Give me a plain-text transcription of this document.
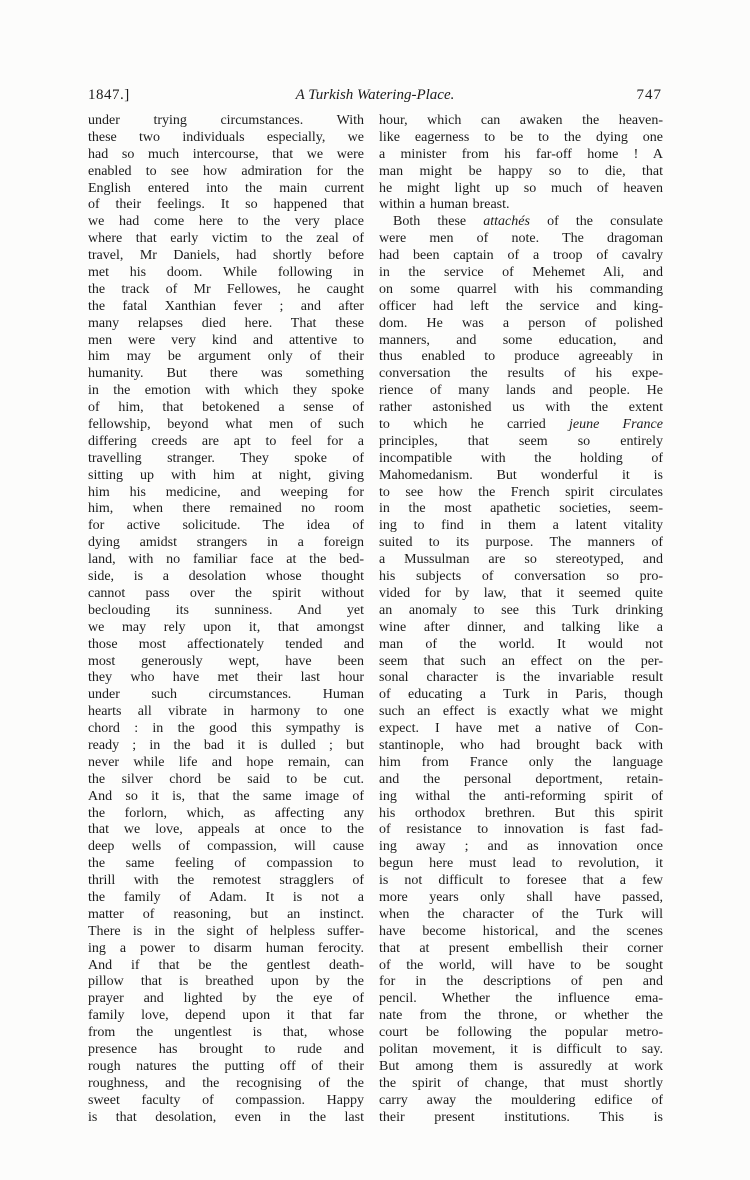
1847.]	A Turkish Watering-Place.	747
under trying circumstances. With
these two individuals especially, we
had so much intercourse, that we were
enabled to see how admiration for the
English entered into the main current
of their feelings. It so happened that
we had come here to the very place
where that early victim to the zeal of
travel, Mr Daniels, had shortly before
met his doom. While following in
the track of Mr Fellowes, he caught
the fatal Xanthian fever ; and after
many relapses died here. That these
men were very kind and attentive to
him may be argument only of their
humanity. But there was something
in the emotion with which they spoke
of him, that betokened a sense of
fellowship, beyond what men of such
differing creeds are apt to feel for a
travelling stranger. They spoke of
sitting up with him at night, giving
him his medicine, and weeping for
him, when there remained no room
for active solicitude. The idea of
dying amidst strangers in a foreign
land, with no familiar face at the bed-
side, is a desolation whose thought
cannot pass over the spirit without
beclouding its sunniness. And yet
we may rely upon it, that amongst
those most affectionately tended and
most generously wept, have been
they who have met their last hour
under such circumstances. Human
hearts all vibrate in harmony to one
chord : in the good this sympathy is
ready ; in the bad it is dulled ; but
never while life and hope remain, can
the silver chord be said to be cut.
And so it is, that the same image of
the forlorn, which, as affecting any
that we love, appeals at once to the
deep wells of compassion, will cause
the same feeling of compassion to
thrill with the remotest stragglers of
the family of Adam. It is not a
matter of reasoning, but an instinct.
There is in the sight of helpless suffer-
ing a power to disarm human ferocity.
And if that be the gentlest death-
pillow that is breathed upon by the
prayer and lighted by the eye of
family love, depend upon it that far
from the ungentlest is that, whose
presence has brought to rude and
rough natures the putting off of their
roughness, and the recognising of the
sweet faculty of compassion. Happy
is that desolation, even in the last
hour, which can awaken the heaven-
like eagerness to be to the dying one
a minister from his far-off home ! A
man might be happy so to die, that
he might light up so much of heaven
within a human breast.
Both these attachés of the consulate
were men of note. The dragoman
had been captain of a troop of cavalry
in the service of Mehemet Ali, and
on some quarrel with his commanding
officer had left the service and king-
dom. He was a person of polished
manners, and some education, and
thus enabled to produce agreeably in
conversation the results of his expe-
rience of many lands and people. He
rather astonished us with the extent
to which he carried jeune France
principles, that seem so entirely
incompatible with the holding of
Mahomedanism. But wonderful it is
to see how the French spirit circulates
in the most apathetic societies, seem-
ing to find in them a latent vitality
suited to its purpose. The manners of
a Mussulman are so stereotyped, and
his subjects of conversation so pro-
vided for by law, that it seemed quite
an anomaly to see this Turk drinking
wine after dinner, and talking like a
man of the world. It would not
seem that such an effect on the per-
sonal character is the invariable result
of educating a Turk in Paris, though
such an effect is exactly what we might
expect. I have met a native of Con-
stantinople, who had brought back with
him from France only the language
and the personal deportment, retain-
ing withal the anti-reforming spirit of
his orthodox brethren. But this spirit
of resistance to innovation is fast fad-
ing away ; and as innovation once
begun here must lead to revolution, it
is not difficult to foresee that a few
more years only shall have passed,
when the character of the Turk will
have become historical, and the scenes
that at present embellish their corner
of the world, will have to be sought
for in the descriptions of pen and
pencil. Whether the influence ema-
nate from the throne, or whether the
court be following the popular metro-
politan movement, it is difficult to say.
But among them is assuredly at work
the spirit of change, that must shortly
carry away the mouldering edifice of
their present institutions. This is
